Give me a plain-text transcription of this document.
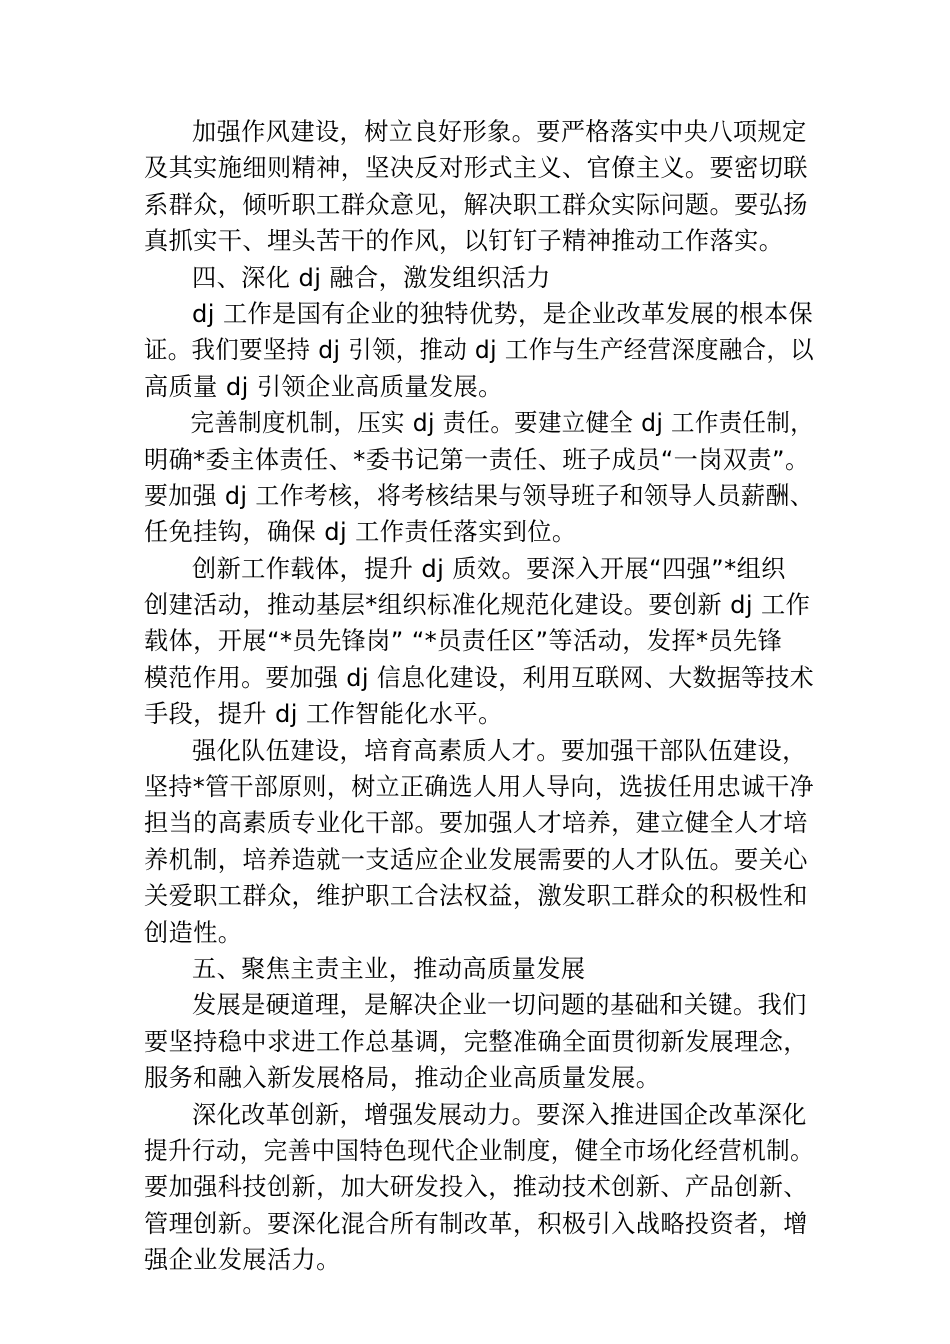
加强作风建设，树立良好形象。要严格落实中央八项规定
及其实施细则精神，坚决反对形式主义、官僚主义。要密切联
系群众，倾听职工群众意见，解决职工群众实际问题。要弘扬
真抓实干、埋头苦干的作风，以钉钉子精神推动工作落实。
四、深化 dj 融合，激发组织活力
dj 工作是国有企业的独特优势，是企业改革发展的根本保
证。我们要坚持 dj 引领，推动 dj 工作与生产经营深度融合，以
高质量 dj 引领企业高质量发展。
完善制度机制，压实 dj 责任。要建立健全 dj 工作责任制，
明确*委主体责任、*委书记第一责任、班子成员“一岗双责”。
要加强 dj 工作考核，将考核结果与领导班子和领导人员薪酬、
任免挂钩，确保 dj 工作责任落实到位。
创新工作载体，提升 dj 质效。要深入开展“四强”*组织
创建活动，推动基层*组织标准化规范化建设。要创新 dj 工作
载体，开展“*员先锋岗” “*员责任区”等活动，发挥*员先锋
模范作用。要加强 dj 信息化建设，利用互联网、大数据等技术
手段，提升 dj 工作智能化水平。
强化队伍建设，培育高素质人才。要加强干部队伍建设，
坚持*管干部原则，树立正确选人用人导向，选拔任用忠诚干净
担当的高素质专业化干部。要加强人才培养，建立健全人才培
养机制，培养造就一支适应企业发展需要的人才队伍。要关心
关爱职工群众，维护职工合法权益，激发职工群众的积极性和
创造性。
五、聚焦主责主业，推动高质量发展
发展是硬道理，是解决企业一切问题的基础和关键。我们
要坚持稳中求进工作总基调，完整准确全面贯彻新发展理念，
服务和融入新发展格局，推动企业高质量发展。
深化改革创新，增强发展动力。要深入推进国企改革深化
提升行动，完善中国特色现代企业制度，健全市场化经营机制。
要加强科技创新，加大研发投入，推动技术创新、产品创新、
管理创新。要深化混合所有制改革，积极引入战略投资者，增
强企业发展活力。
